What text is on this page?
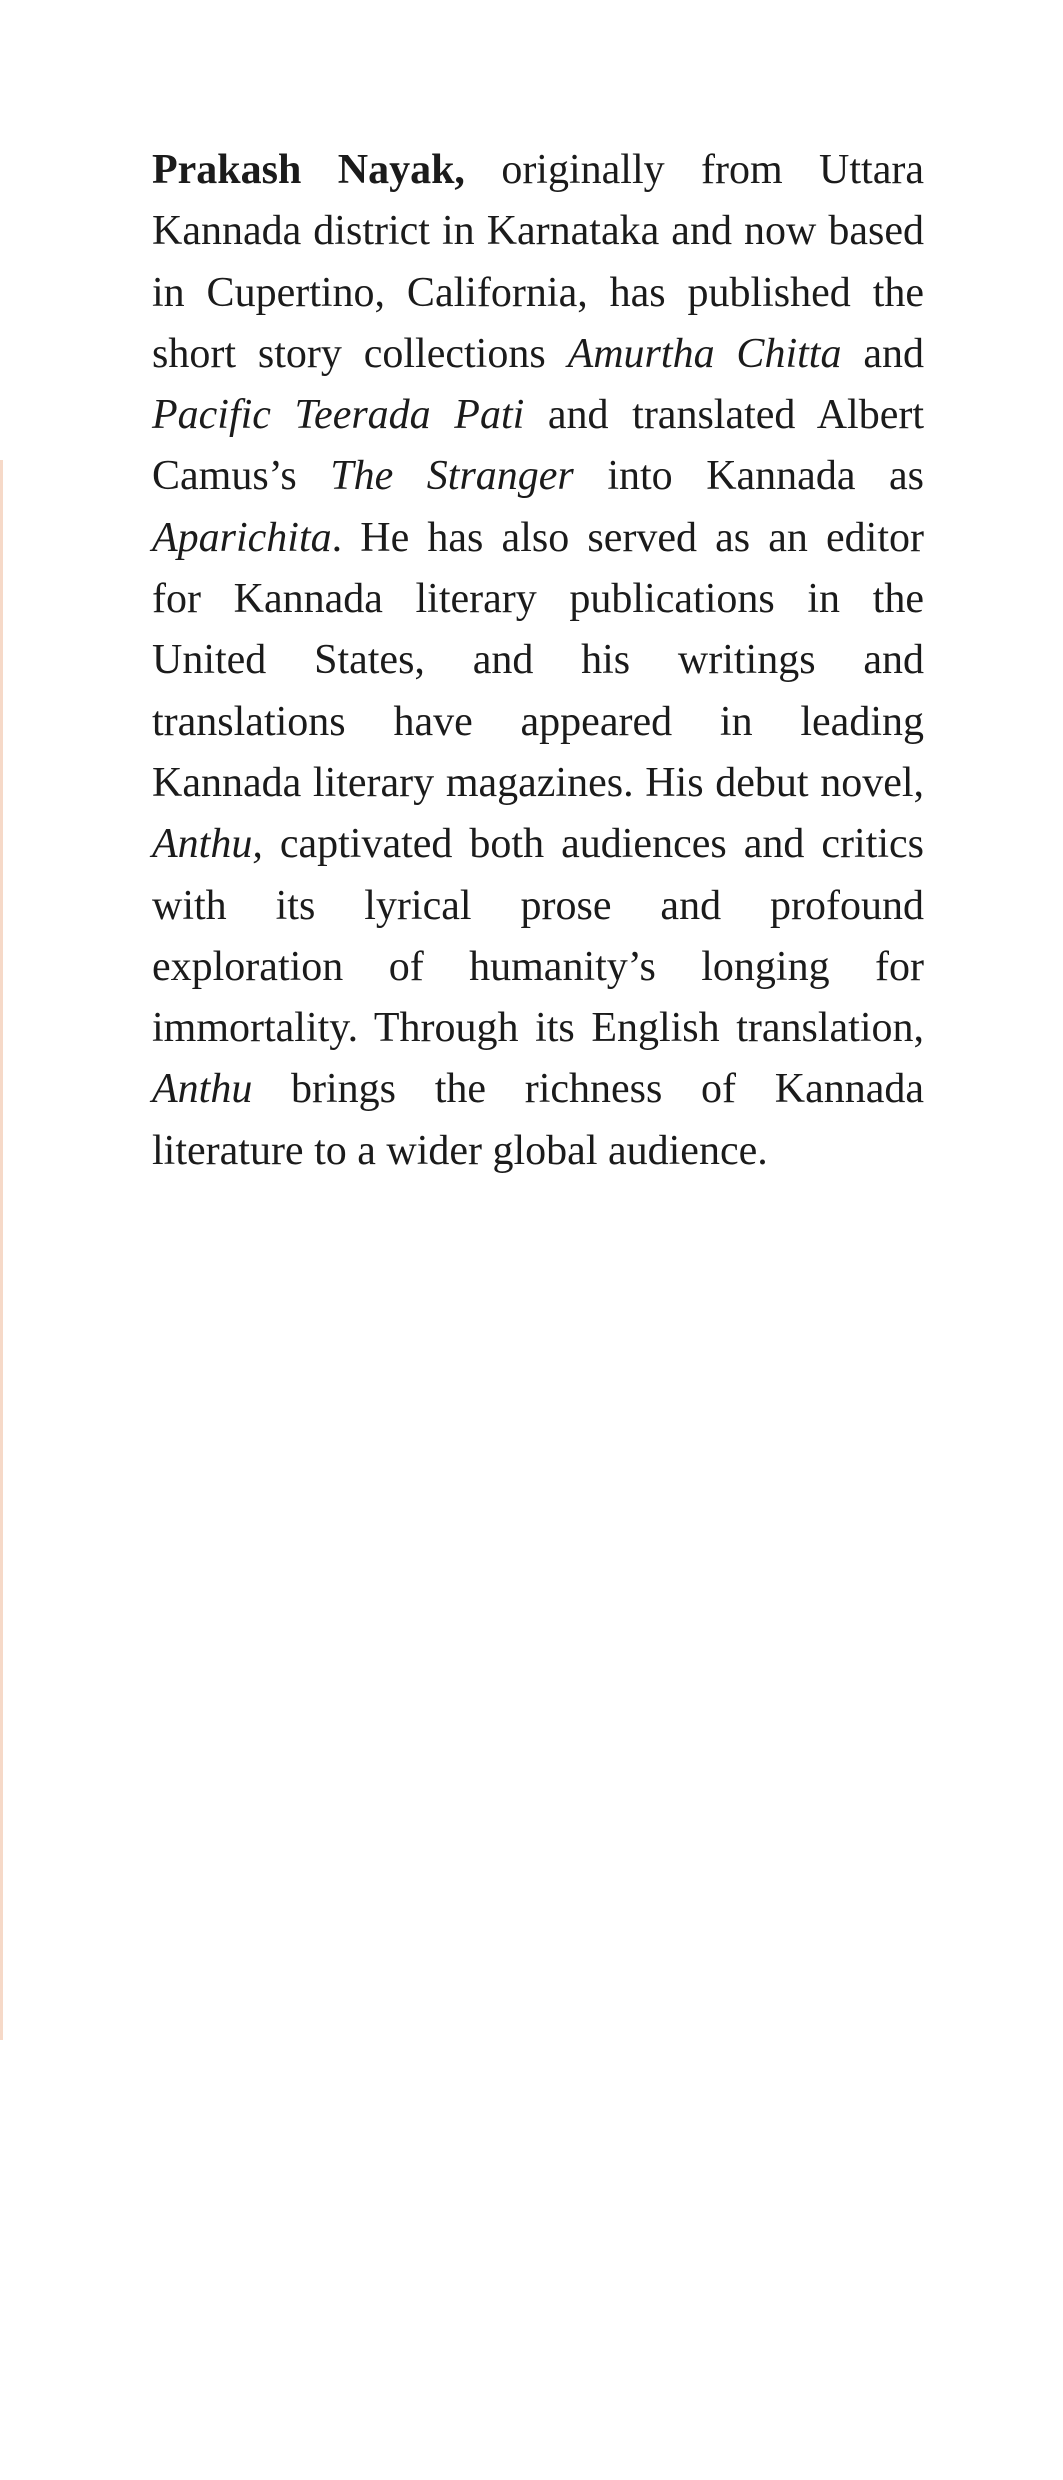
Prakash Nayak, originally from Uttara Kannada district in Karnataka and now based in Cupertino, California, has published the short story collections Amurtha Chitta and Pacific Teerada Pati and translated Albert Camus’s The Stranger into Kannada as Aparichita. He has also served as an editor for Kannada literary publications in the United States, and his writings and translations have appeared in leading Kannada literary magazines. His debut novel, Anthu, captivated both audiences and critics with its lyrical prose and profound exploration of humanity’s longing for immortality. Through its English translation, Anthu brings the richness of Kannada literature to a wider global audience.
